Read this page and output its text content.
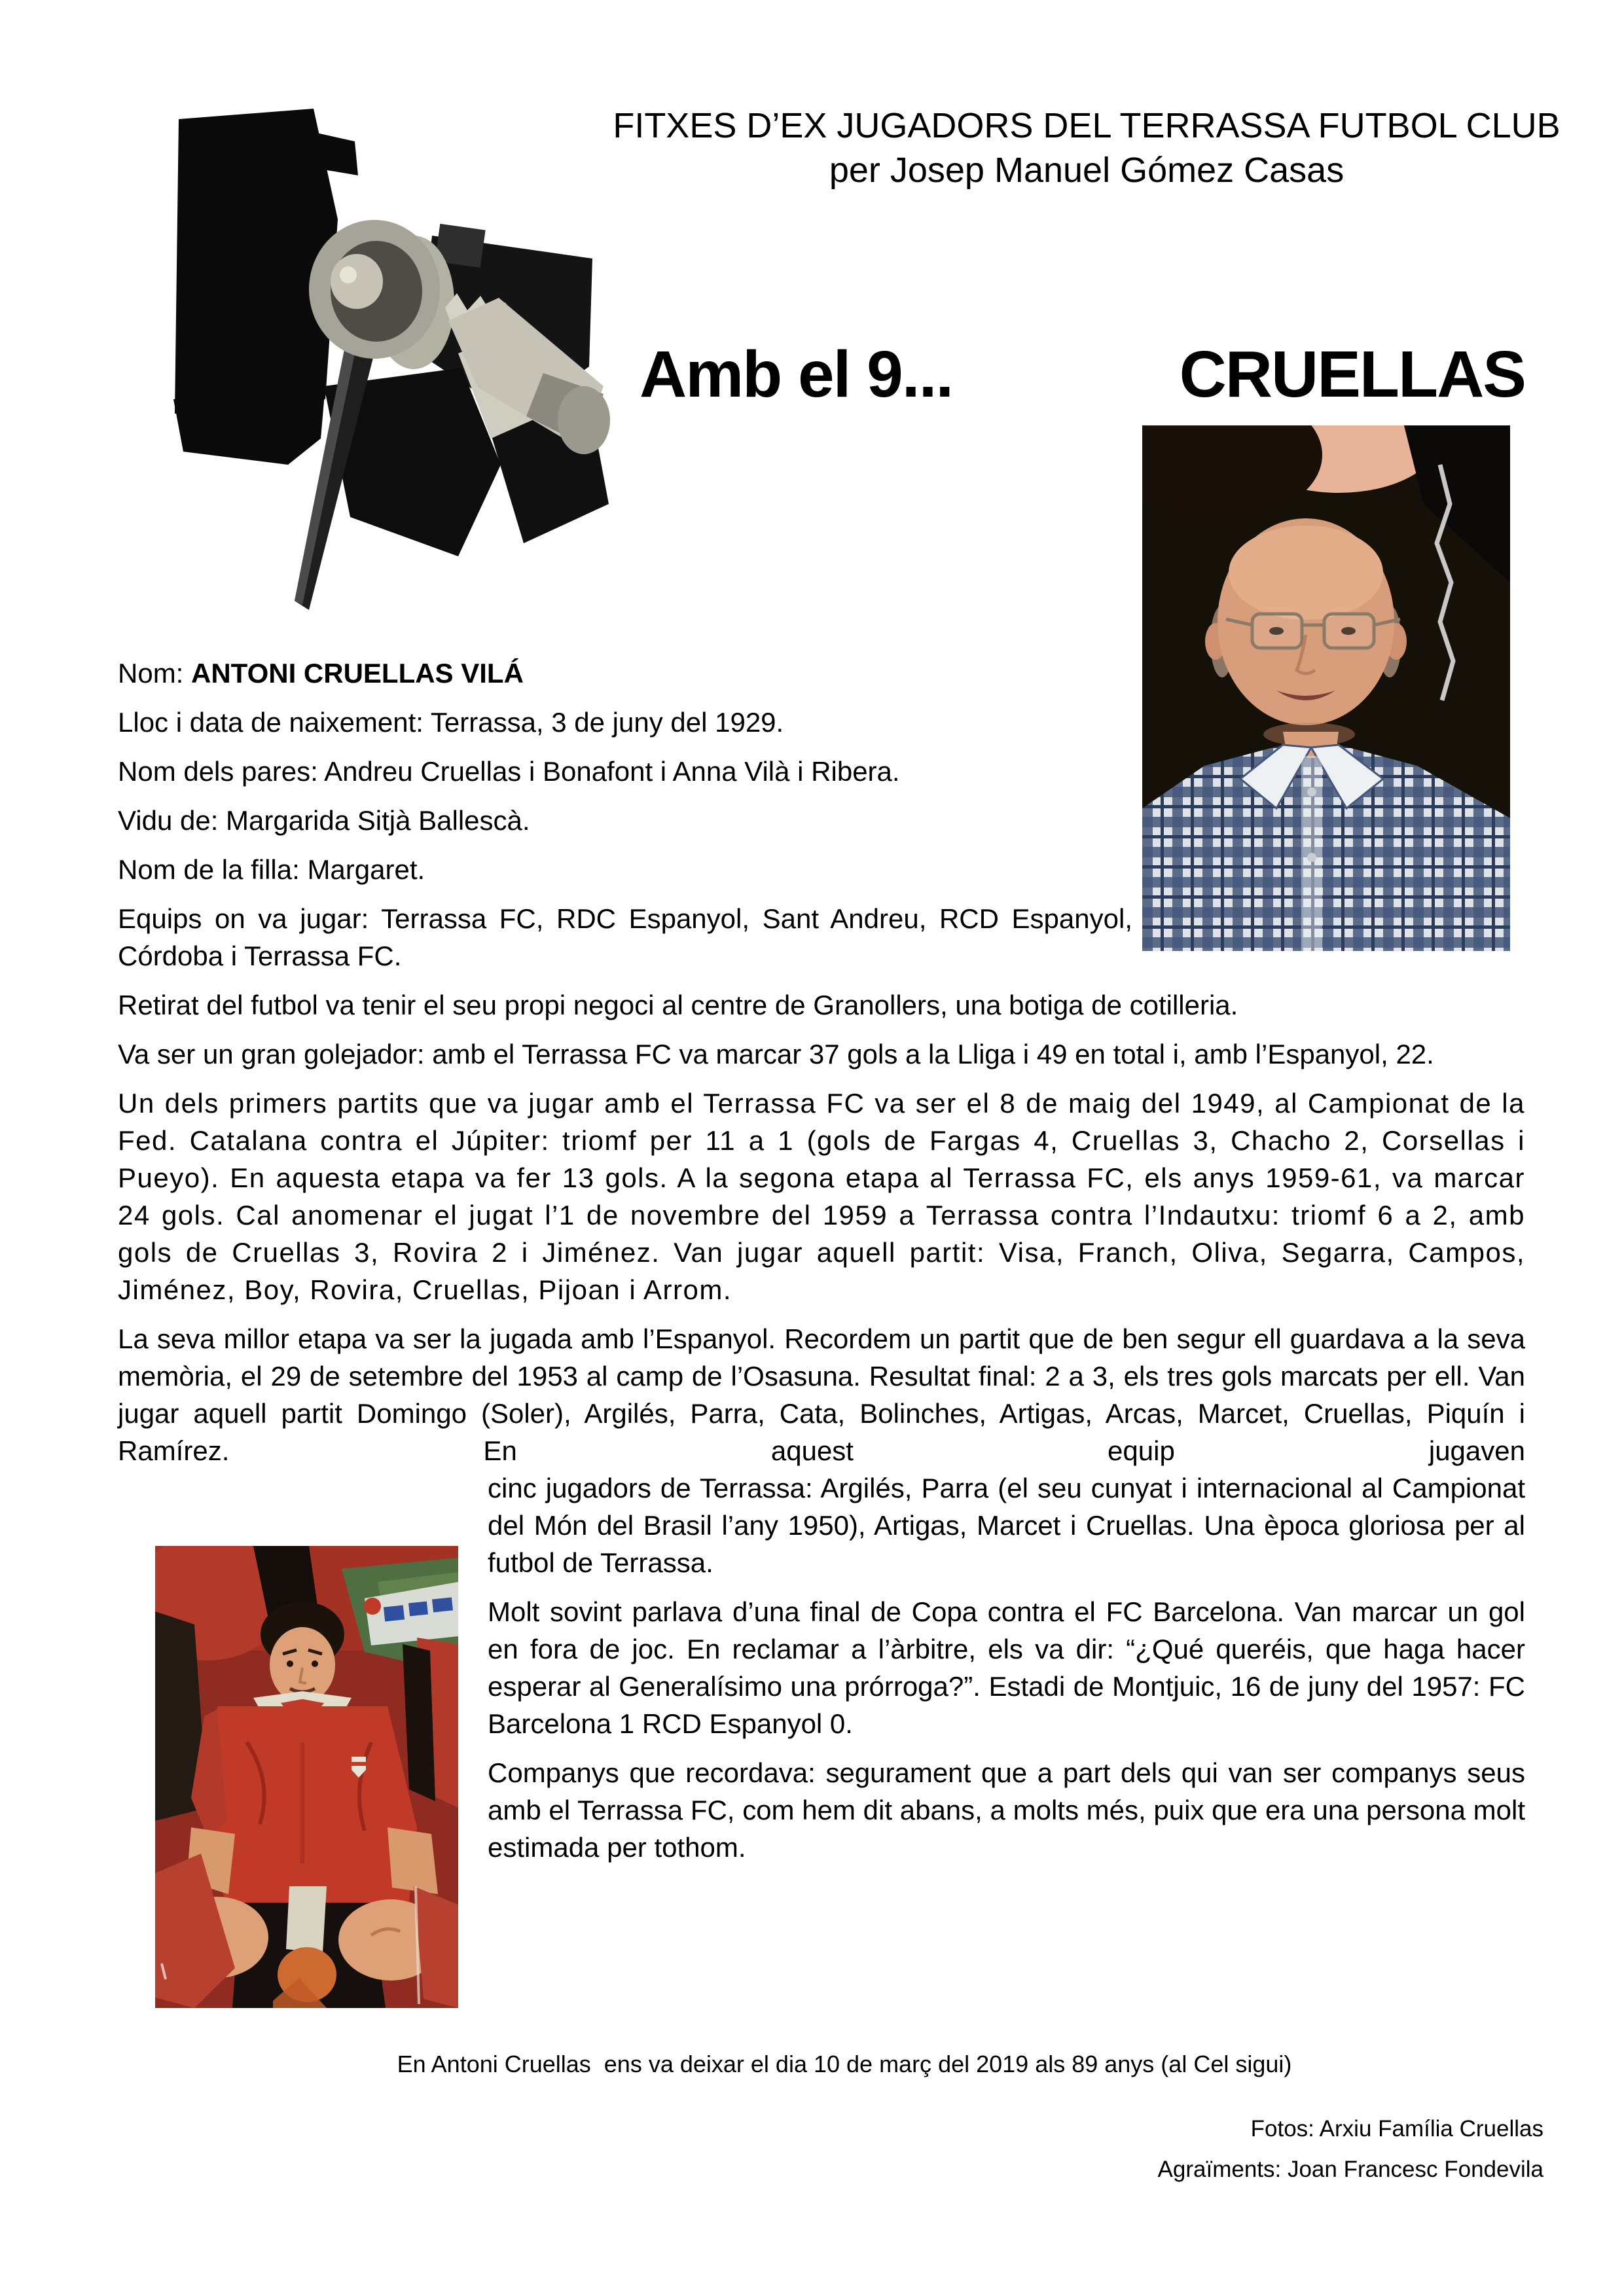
FITXES D’EX JUGADORS DEL TERRASSA FUTBOL CLUB
per Josep Manuel Gómez Casas
Amb el 9...	CRUELLAS

Nom: ANTONI CRUELLAS VILÁ

Lloc i data de naixement: Terrassa, 3 de juny del 1929.

Nom dels pares: Andreu Cruellas i Bonafont i Anna Vilà i Ribera.

Vidu de: Margarida Sitjà Ballescà.

Nom de la filla: Margaret.

Equips on va jugar: Terrassa FC, RDC Espanyol, Sant Andreu, RCD Espanyol, Córdoba i Terrassa FC.

Retirat del futbol va tenir el seu propi negoci al centre de Granollers, una botiga de cotilleria.

Va ser un gran golejador: amb el Terrassa FC va marcar 37 gols a la Lliga i 49 en total i, amb l’Espanyol, 22.

Un dels primers partits que va jugar amb el Terrassa FC va ser el 8 de maig del 1949, al Campionat de la Fed. Catalana contra el Júpiter: triomf per 11 a 1 (gols de Fargas 4, Cruellas 3, Chacho 2, Corsellas i Pueyo). En aquesta etapa va fer 13 gols. A la segona etapa al Terrassa FC, els anys 1959-61, va marcar 24 gols. Cal anomenar el jugat l’1 de novembre del 1959 a Terrassa contra l’Indautxu: triomf 6 a 2, amb gols de Cruellas 3, Rovira 2 i Jiménez. Van jugar aquell partit: Visa, Franch, Oliva, Segarra, Campos, Jiménez, Boy, Rovira, Cruellas, Pijoan i Arrom.

La seva millor etapa va ser la jugada amb l’Espanyol. Recordem un partit que de ben segur ell guardava a la seva memòria, el 29 de setembre del 1953 al camp de l’Osasuna. Resultat final: 2 a 3, els tres gols marcats per ell. Van jugar aquell partit Domingo (Soler), Argilés, Parra, Cata, Bolinches, Artigas, Arcas, Marcet, Cruellas, Piquín i Ramírez. En aquest equip jugaven

cinc jugadors de Terrassa: Argilés, Parra (el seu cunyat i internacional al Campionat del Món del Brasil l’any 1950), Artigas, Marcet i Cruellas. Una època gloriosa per al futbol de Terrassa.

Molt sovint parlava d’una final de Copa contra el FC Barcelona. Van marcar un gol en fora de joc. En reclamar a l’àrbitre, els va dir: “¿Qué queréis, que haga hacer esperar al Generalísimo una prórroga?”. Estadi de Montjuic, 16 de juny del 1957: FC Barcelona 1 RCD Espanyol 0.

Companys que recordava: segurament que a part dels qui van ser companys seus amb el Terrassa FC, com hem dit abans, a molts més, puix que era una persona molt estimada per tothom.

En Antoni Cruellas  ens va deixar el dia 10 de març del 2019 als 89 anys (al Cel sigui)
Fotos: Arxiu Família Cruellas
Agraïments: Joan Francesc Fondevila
